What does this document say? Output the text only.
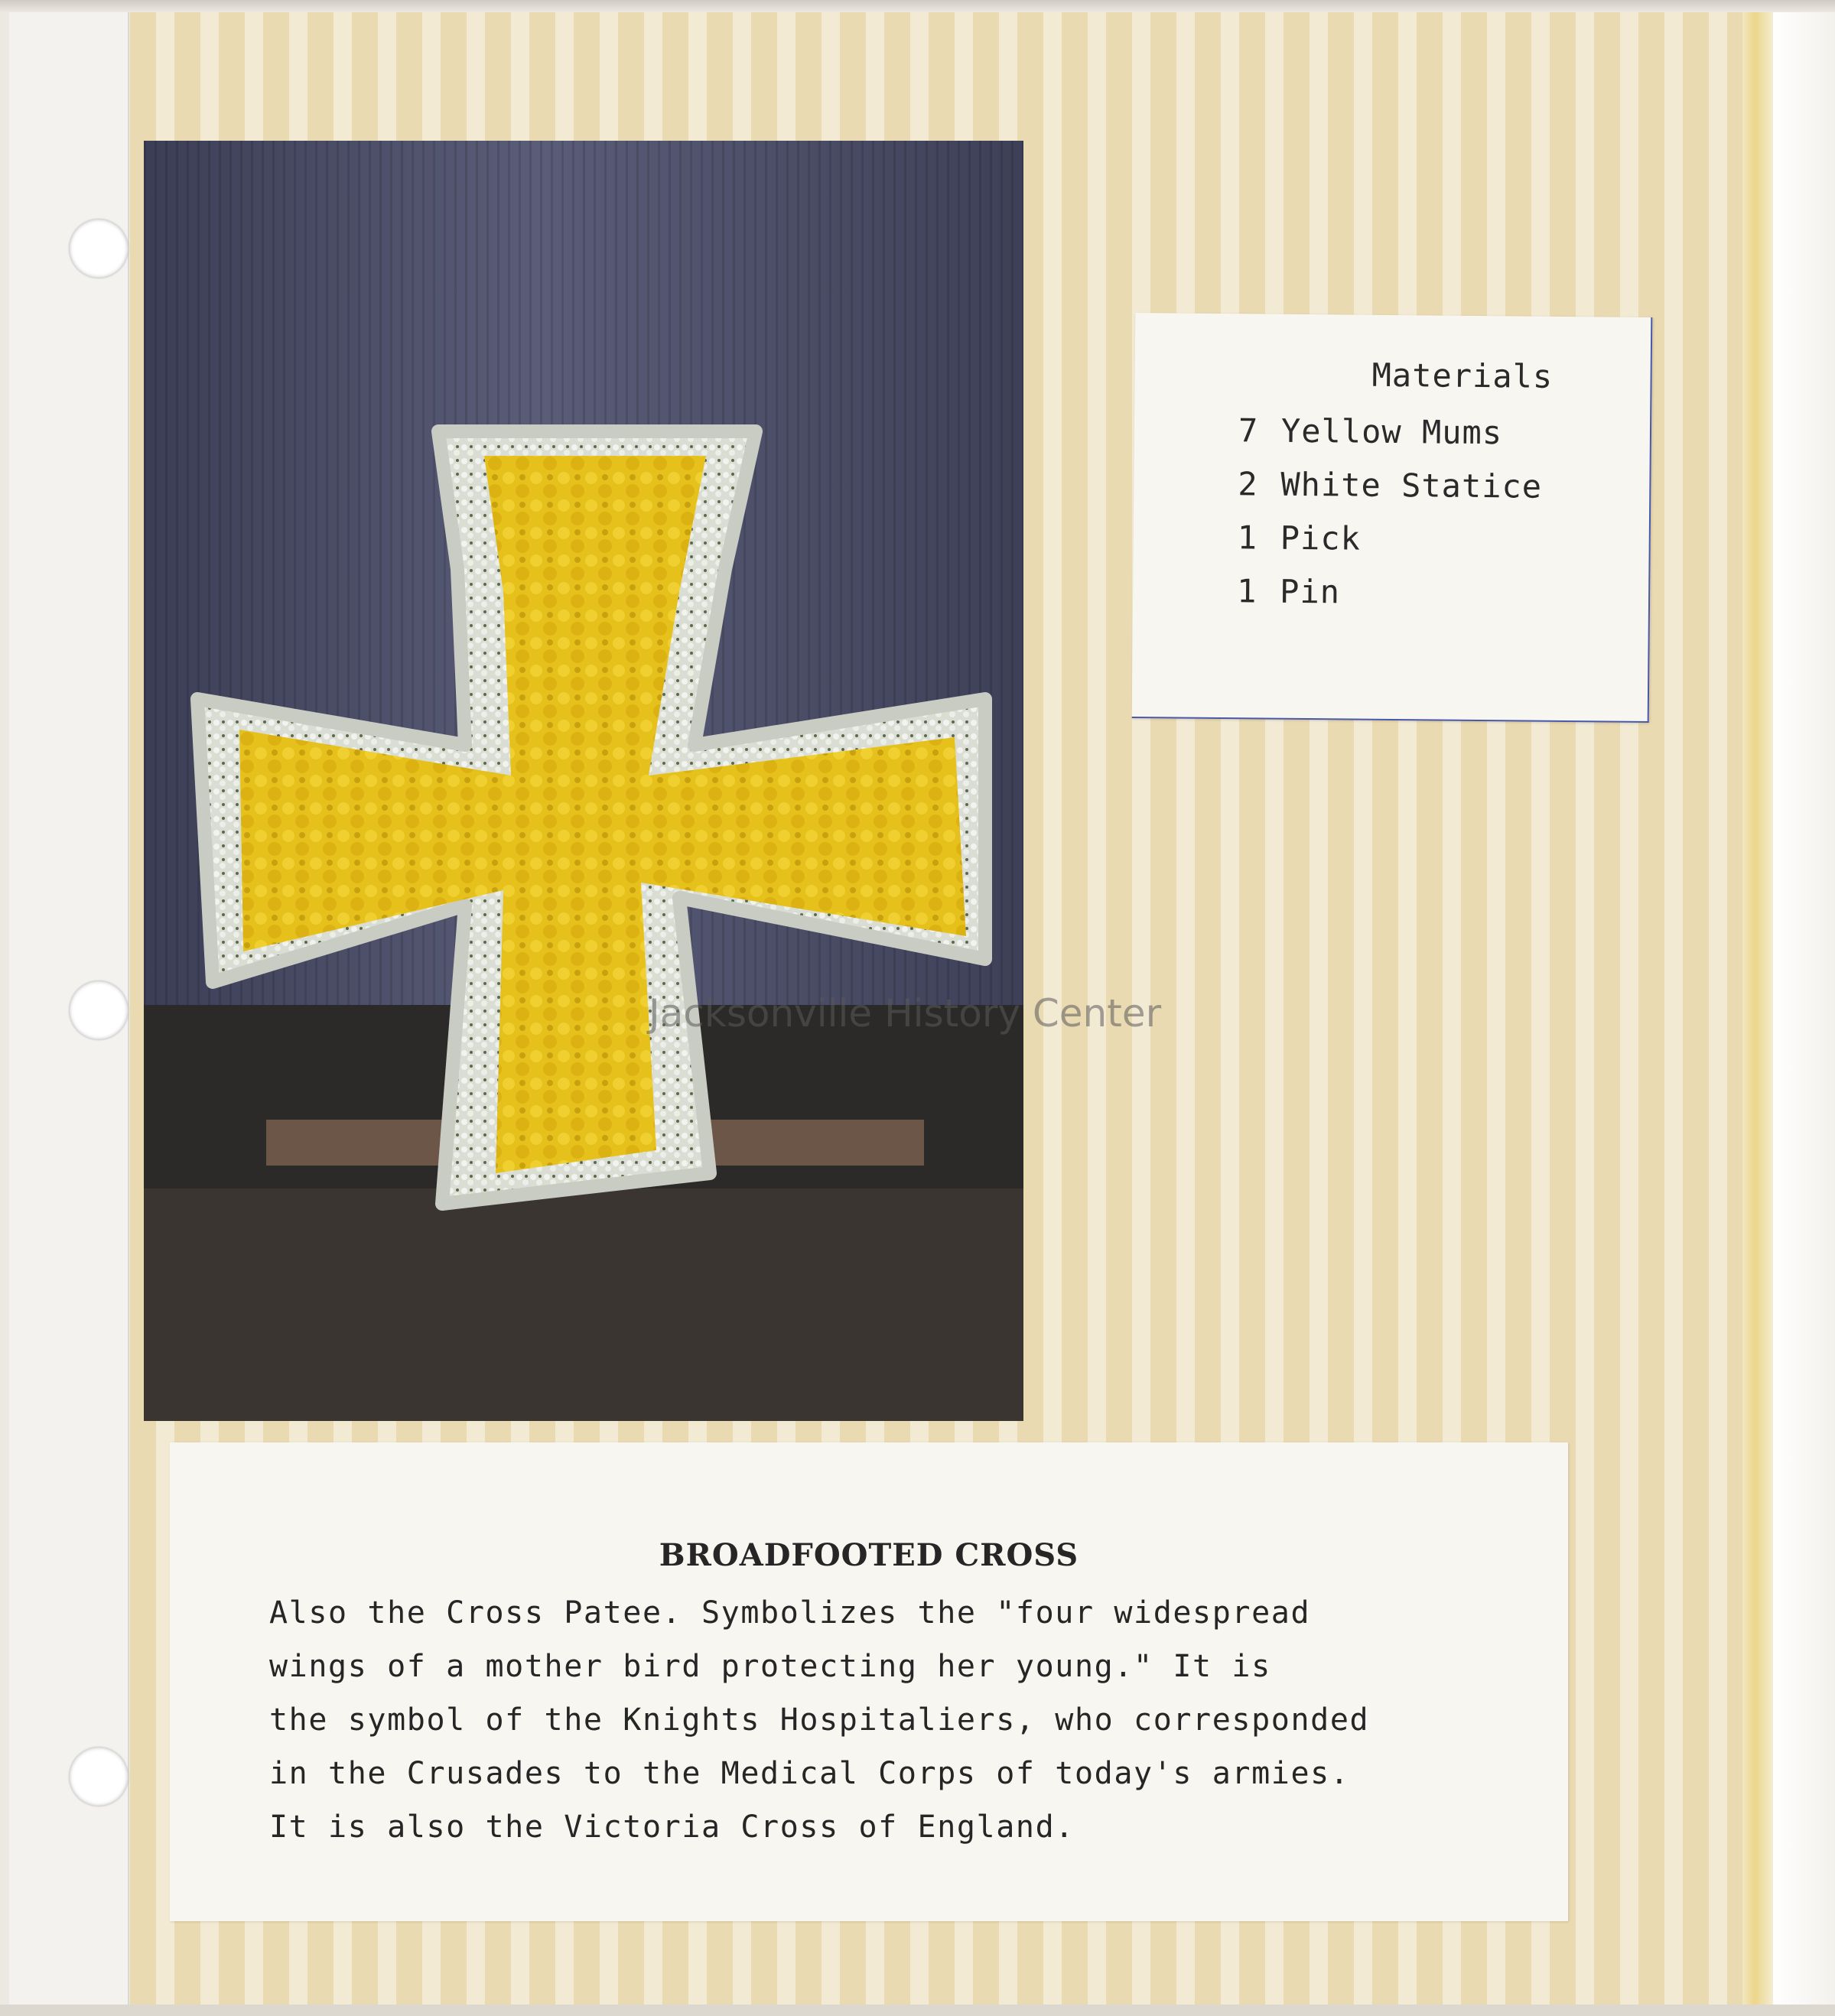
Materials
7 Yellow Mums
2 White Statice
1 Pick
1 Pin
BROADFOOTED CROSS
Also the Cross Patee. Symbolizes the "four widespread
wings of a mother bird protecting her young." It is
the symbol of the Knights Hospitaliers, who corresponded
in the Crusades to the Medical Corps of today's armies.
It is also the Victoria Cross of England.
Jacksonville History Center
